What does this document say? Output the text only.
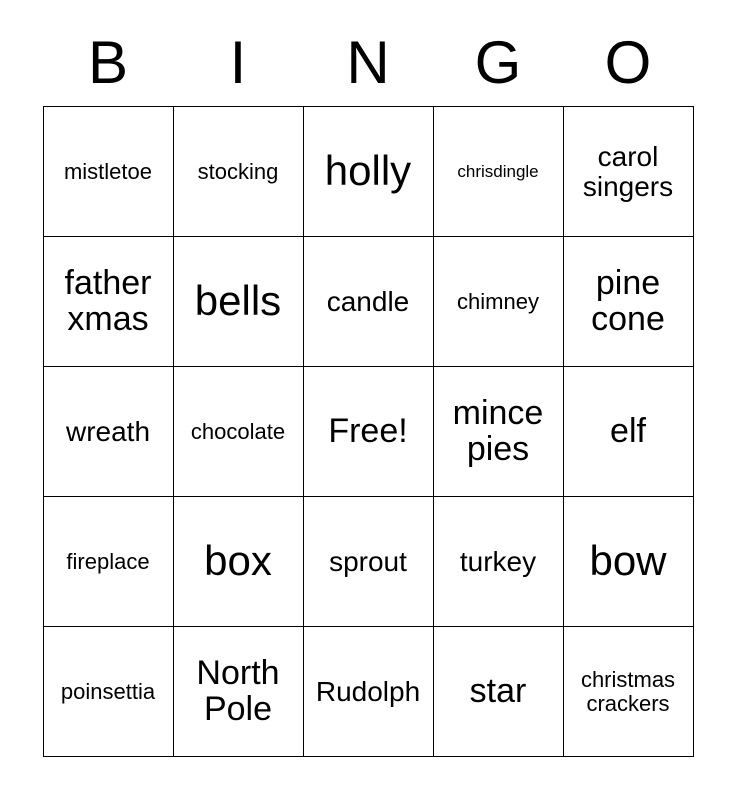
B	I	N	G	O
mistletoe	stocking	holly	chrisdingle	carol singers
father xmas	bells	candle	chimney	pine cone
wreath	chocolate	Free!	mince pies	elf
fireplace	box	sprout	turkey	bow
poinsettia	North Pole	Rudolph	star	christmas crackers
